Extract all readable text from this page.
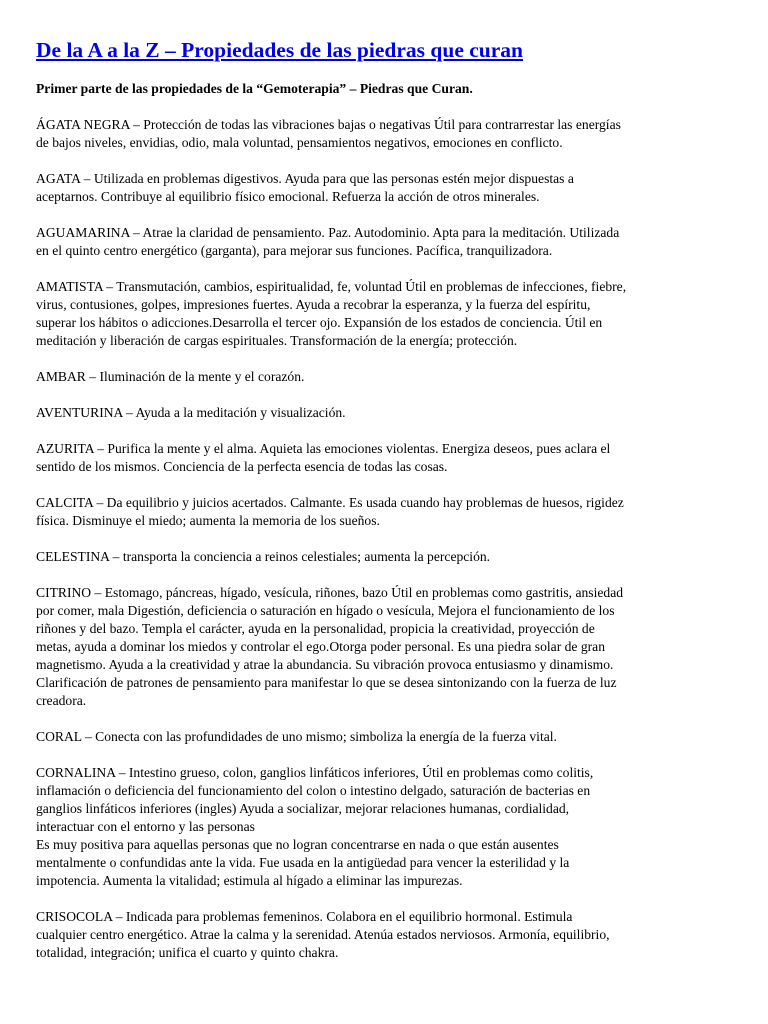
De la A a la Z – Propiedades de las piedras que curan

Primer parte de las propiedades de la “Gemoterapia” – Piedras que Curan.

ÁGATA NEGRA – Protección de todas las vibraciones bajas o negativas Útil para contrarrestar las energías
de bajos niveles, envidias, odio, mala voluntad, pensamientos negativos, emociones en conflicto.

AGATA – Utilizada en problemas digestivos. Ayuda para que las personas estén mejor dispuestas a
aceptarnos. Contribuye al equilibrio físico emocional. Refuerza la acción de otros minerales.

AGUAMARINA – Atrae la claridad de pensamiento. Paz. Autodominio. Apta para la meditación. Utilizada
en el quinto centro energético (garganta), para mejorar sus funciones. Pacífica, tranquilizadora.

AMATISTA – Transmutación, cambios, espiritualidad, fe, voluntad Útil en problemas de infecciones, fiebre,
virus, contusiones, golpes, impresiones fuertes. Ayuda a recobrar la esperanza, y la fuerza del espíritu,
superar los hábitos o adicciones.Desarrolla el tercer ojo. Expansión de los estados de conciencia. Útil en
meditación y liberación de cargas espirituales. Transformación de la energía; protección.

AMBAR – Iluminación de la mente y el corazón.

AVENTURINA – Ayuda a la meditación y visualización.

AZURITA – Purifica la mente y el alma. Aquieta las emociones violentas. Energiza deseos, pues aclara el
sentido de los mismos. Conciencia de la perfecta esencia de todas las cosas.

CALCITA – Da equilibrio y juicios acertados. Calmante. Es usada cuando hay problemas de huesos, rigidez
física. Disminuye el miedo; aumenta la memoria de los sueños.

CELESTINA – transporta la conciencia a reinos celestiales; aumenta la percepción.

CITRINO – Estomago, páncreas, hígado, vesícula, riñones, bazo Útil en problemas como gastritis, ansiedad
por comer, mala Digestión, deficiencia o saturación en hígado o vesícula, Mejora el funcionamiento de los
riñones y del bazo. Templa el carácter, ayuda en la personalidad, propicia la creatividad, proyección de
metas, ayuda a dominar los miedos y controlar el ego.Otorga poder personal. Es una piedra solar de gran
magnetismo. Ayuda a la creatividad y atrae la abundancia. Su vibración provoca entusiasmo y dinamismo.
Clarificación de patrones de pensamiento para manifestar lo que se desea sintonizando con la fuerza de luz
creadora.

CORAL – Conecta con las profundidades de uno mismo; simboliza la energía de la fuerza vital.

CORNALINA – Intestino grueso, colon, ganglios linfáticos inferiores, Útil en problemas como colitis,
inflamación o deficiencia del funcionamiento del colon o intestino delgado, saturación de bacterias en
ganglios linfáticos inferiores (ingles) Ayuda a socializar, mejorar relaciones humanas, cordialidad,
interactuar con el entorno y las personas
Es muy positiva para aquellas personas que no logran concentrarse en nada o que están ausentes
mentalmente o confundidas ante la vida. Fue usada en la antigüedad para vencer la esterilidad y la
impotencia. Aumenta la vitalidad; estimula al hígado a eliminar las impurezas.

CRISOCOLA – Indicada para problemas femeninos. Colabora en el equilibrio hormonal. Estimula
cualquier centro energético. Atrae la calma y la serenidad. Atenúa estados nerviosos. Armonía, equilibrio,
totalidad, integración; unifica el cuarto y quinto chakra.
